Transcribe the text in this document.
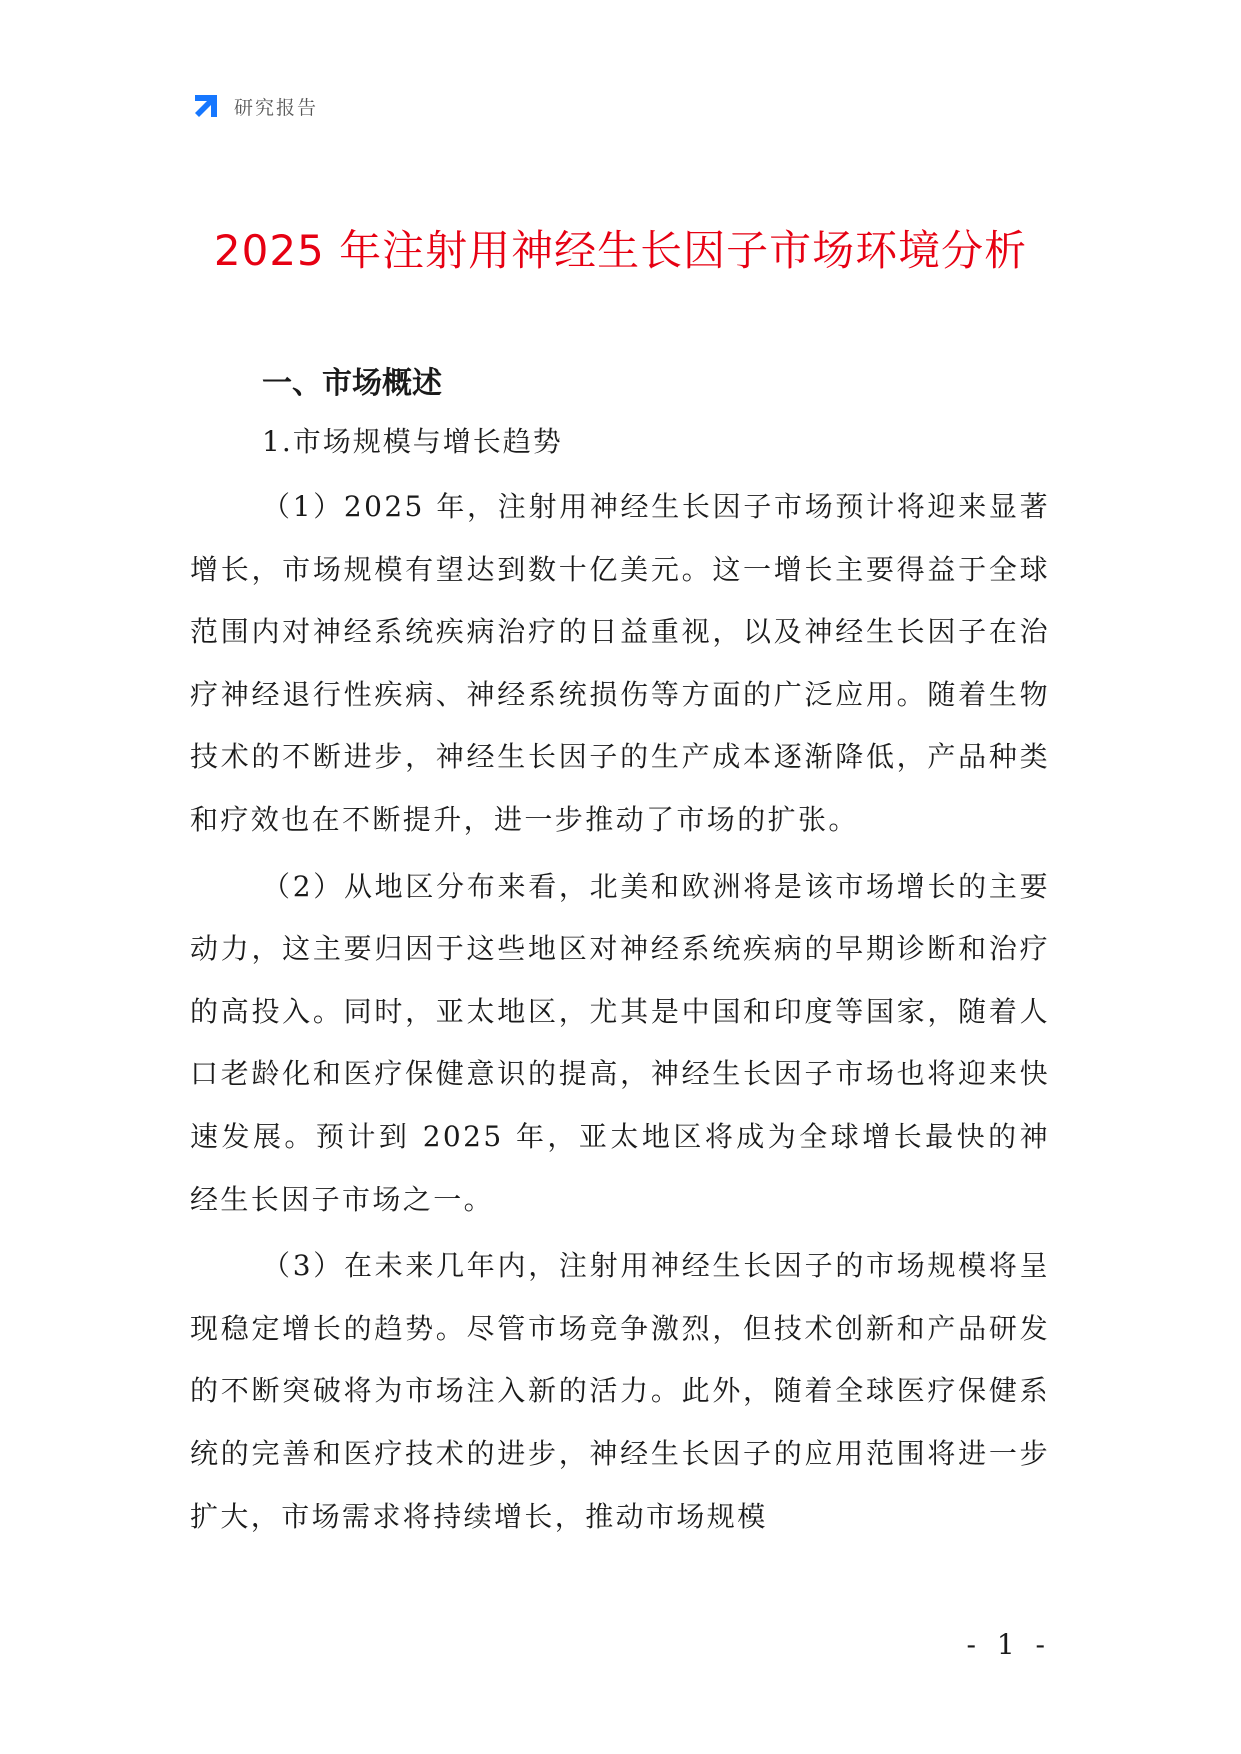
研究报告
2025 年注射用神经生长因子市场环境分析
一、市场概述
1.市场规模与增长趋势

（1）2025 年，注射用神经生长因子市场预计将迎来显著增长，市场规模有望达到数十亿美元。这一增长主要得益于全球范围内对神经系统疾病治疗的日益重视，以及神经生长因子在治疗神经退行性疾病、神经系统损伤等方面的广泛应用。随着生物技术的不断进步，神经生长因子的生产成本逐渐降低，产品种类和疗效也在不断提升，进一步推动了市场的扩张。

（2）从地区分布来看，北美和欧洲将是该市场增长的主要动力，这主要归因于这些地区对神经系统疾病的早期诊断和治疗的高投入。同时，亚太地区，尤其是中国和印度等国家，随着人口老龄化和医疗保健意识的提高，神经生长因子市场也将迎来快速发展。预计到 2025 年，亚太地区将成为全球增长最快的神经生长因子市场之一。

（3）在未来几年内，注射用神经生长因子的市场规模将呈现稳定增长的趋势。尽管市场竞争激烈，但技术创新和产品研发的不断突破将为市场注入新的活力。此外，随着全球医疗保健系统的完善和医疗技术的进步，神经生长因子的应用范围将进一步扩大，市场需求将持续增长，推动市场规模

- 1 -
